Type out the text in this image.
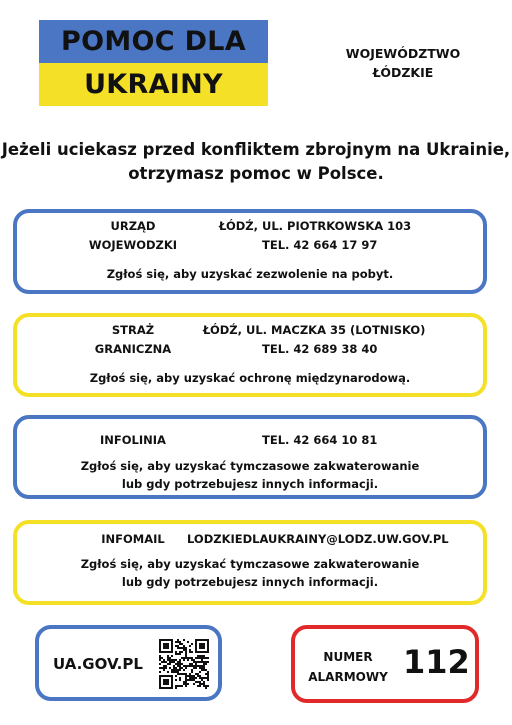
POMOC DLA
UKRAINY
WOJEWÓDZTWO
ŁÓDZKIE
Jeżeli uciekasz przed konfliktem zbrojnym na Ukrainie,
otrzymasz pomoc w Polsce.
URZĄD
WOJEWODZKI
ŁÓDŹ, UL. PIOTRKOWSKA 103
TEL. 42 664 17 97
Zgłoś się, aby uzyskać zezwolenie na pobyt.
STRAŻ
GRANICZNA
ŁÓDŹ, UL. MACZKA 35 (LOTNISKO)
TEL. 42 689 38 40
Zgłoś się, aby uzyskać ochronę międzynarodową.
INFOLINIA	TEL. 42 664 10 81
Zgłoś się, aby uzyskać tymczasowe zakwaterowanie
lub gdy potrzebujesz innych informacji.
INFOMAIL	LODZKIEDLAUKRAINY@LODZ.UW.GOV.PL
Zgłoś się, aby uzyskać tymczasowe zakwaterowanie
lub gdy potrzebujesz innych informacji.
UA.GOV.PL	NUMER
ALARMOWY 112
